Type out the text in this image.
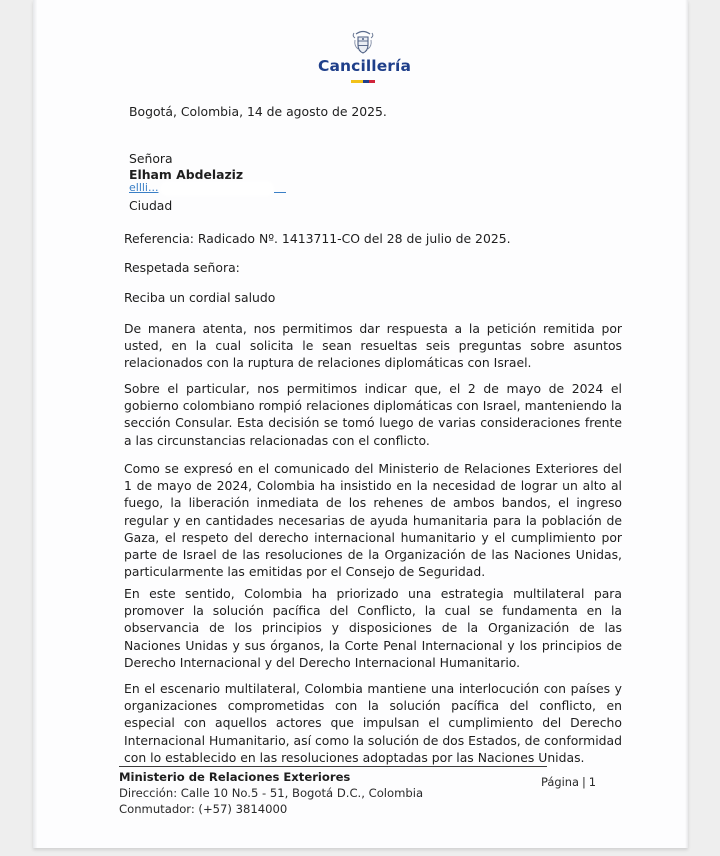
Cancillería
Bogotá, Colombia, 14 de agosto de 2025.
Señora
Elham Abdelaziz
ellli...
Ciudad
Referencia: Radicado Nº. 1413711-CO del 28 de julio de 2025.
Respetada señora:
Reciba un cordial saludo
De manera atenta, nos permitimos dar respuesta a la petición remitida por usted, en la cual solicita le sean resueltas seis preguntas sobre asuntos relacionados con la ruptura de relaciones diplomáticas con Israel.
Sobre el particular, nos permitimos indicar que, el 2 de mayo de 2024 el gobierno colombiano rompió relaciones diplomáticas con Israel, manteniendo la sección Consular. Esta decisión se tomó luego de varias consideraciones frente a las circunstancias relacionadas con el conflicto.
Como se expresó en el comunicado del Ministerio de Relaciones Exteriores del 1 de mayo de 2024, Colombia ha insistido en la necesidad de lograr un alto al fuego, la liberación inmediata de los rehenes de ambos bandos, el ingreso regular y en cantidades necesarias de ayuda humanitaria para la población de Gaza, el respeto del derecho internacional humanitario y el cumplimiento por parte de Israel de las resoluciones de la Organización de las Naciones Unidas, particularmente las emitidas por el Consejo de Seguridad.
En este sentido, Colombia ha priorizado una estrategia multilateral para promover la solución pacífica del Conflicto, la cual se fundamenta en la observancia de los principios y disposiciones de la Organización de las Naciones Unidas y sus órganos, la Corte Penal Internacional y los principios de Derecho Internacional y del Derecho Internacional Humanitario.
En el escenario multilateral, Colombia mantiene una interlocución con países y organizaciones comprometidas con la solución pacífica del conflicto, en especial con aquellos actores que impulsan el cumplimiento del Derecho Internacional Humanitario, así como la solución de dos Estados, de conformidad con lo establecido en las resoluciones adoptadas por las Naciones Unidas.
Ministerio de Relaciones Exteriores
Dirección: Calle 10 No.5 - 51, Bogotá D.C., Colombia
Conmutador: (+57) 3814000
Página | 1
